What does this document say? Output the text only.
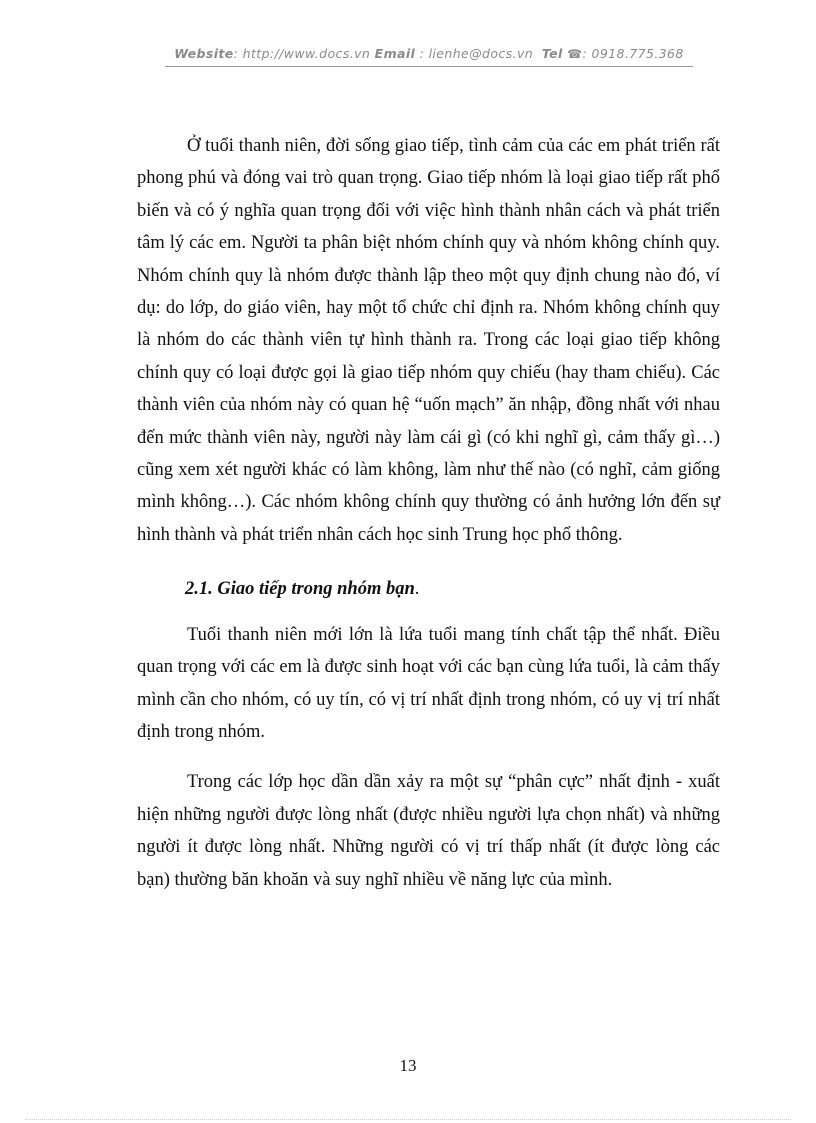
Website: http://www.docs.vn Email : lienhe@docs.vn Tel ☎: 0918.775.368

Ở tuổi thanh niên, đời sống giao tiếp, tình cảm của các em phát triển rất phong phú và đóng vai trò quan trọng. Giao tiếp nhóm là loại giao tiếp rất phổ biến và có ý nghĩa quan trọng đối với việc hình thành nhân cách và phát triển tâm lý các em. Người ta phân biệt nhóm chính quy và nhóm không chính quy. Nhóm chính quy là nhóm được thành lập theo một quy định chung nào đó, ví dụ: do lớp, do giáo viên, hay một tổ chức chỉ định ra. Nhóm không chính quy là nhóm do các thành viên tự hình thành ra. Trong các loại giao tiếp không chính quy có loại được gọi là giao tiếp nhóm quy chiếu (hay tham chiếu). Các thành viên của nhóm này có quan hệ “uốn mạch” ăn nhập, đồng nhất với nhau đến mức thành viên này, người này làm cái gì (có khi nghĩ gì, cảm thấy gì…) cũng xem xét người khác có làm không, làm như thế nào (có nghĩ, cảm giống mình không…). Các nhóm không chính quy thường có ảnh hưởng lớn đến sự hình thành và phát triển nhân cách học sinh Trung học phổ thông.

2.1. Giao tiếp trong nhóm bạn.

Tuổi thanh niên mới lớn là lứa tuổi mang tính chất tập thể nhất. Điều quan trọng với các em là được sinh hoạt với các bạn cùng lứa tuổi, là cảm thấy mình cần cho nhóm, có uy tín, có vị trí nhất định trong nhóm, có uy vị trí nhất định trong nhóm.

Trong các lớp học dần dần xảy ra một sự “phân cực” nhất định - xuất hiện những người được lòng nhất (được nhiều người lựa chọn nhất) và những người ít được lòng nhất. Những người có vị trí thấp nhất (ít được lòng các bạn) thường băn khoăn và suy nghĩ nhiều về năng lực của mình.

13
